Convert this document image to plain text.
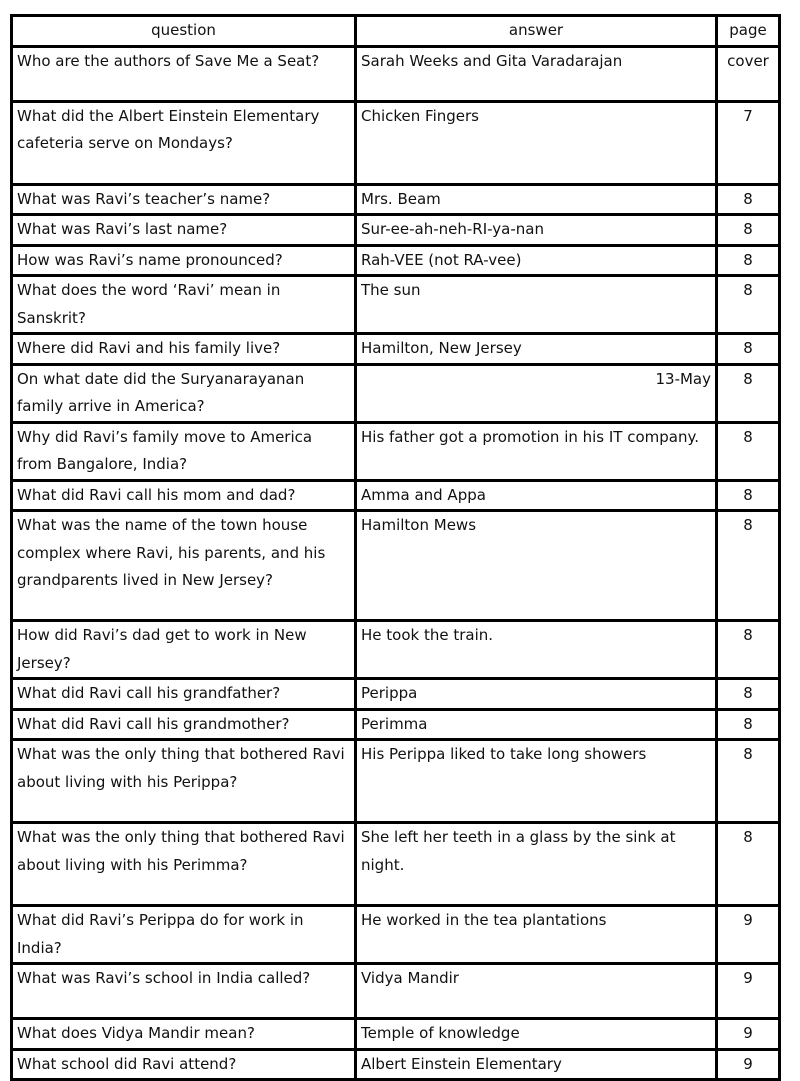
question	answer	page
Who are the authors of Save Me a Seat?	Sarah Weeks and Gita Varadarajan	cover
What did the Albert Einstein Elementary cafeteria serve on Mondays?	Chicken Fingers	7
What was Ravi’s teacher’s name?	Mrs. Beam	8
What was Ravi’s last name?	Sur-ee-ah-neh-RI-ya-nan	8
How was Ravi’s name pronounced?	Rah-VEE (not RA-vee)	8
What does the word ‘Ravi’ mean in Sanskrit?	The sun	8
Where did Ravi and his family live?	Hamilton, New Jersey	8
On what date did the Suryanarayanan family arrive in America?	13-May	8
Why did Ravi’s family move to America from Bangalore, India?	His father got a promotion in his IT company.	8
What did Ravi call his mom and dad?	Amma and Appa	8
What was the name of the town house complex where Ravi, his parents, and his grandparents lived in New Jersey?	Hamilton Mews	8
How did Ravi’s dad get to work in New Jersey?	He took the train.	8
What did Ravi call his grandfather?	Perippa	8
What did Ravi call his grandmother?	Perimma	8
What was the only thing that bothered Ravi about living with his Perippa?	His Perippa liked to take long showers	8
What was the only thing that bothered Ravi about living with his Perimma?	She left her teeth in a glass by the sink at night.	8
What did Ravi’s Perippa do for work in India?	He worked in the tea plantations	9
What was Ravi’s school in India called?	Vidya Mandir	9
What does Vidya Mandir mean?	Temple of knowledge	9
What school did Ravi attend?	Albert Einstein Elementary	9
